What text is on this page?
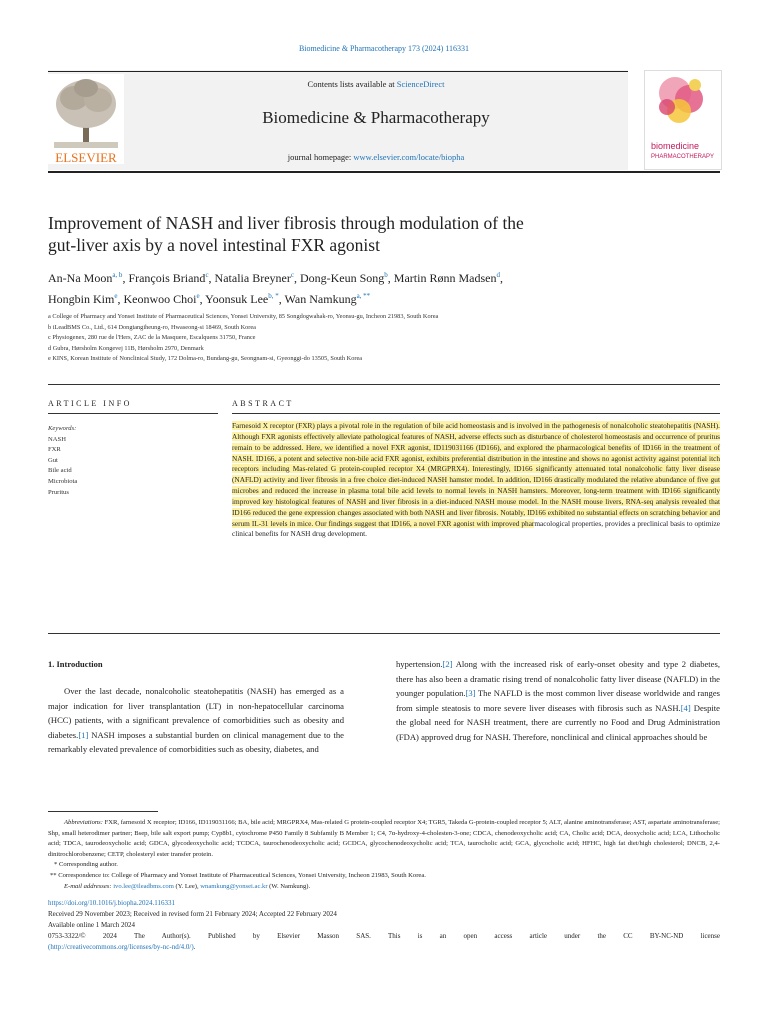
Biomedicine & Pharmacotherapy 173 (2024) 116331
ELSEVIER
Contents lists available at ScienceDirect
Biomedicine & Pharmacotherapy
journal homepage: www.elsevier.com/locate/biopha
biomedicine
PHARMACOTHERAPY
Improvement of NASH and liver fibrosis through modulation of the
gut-liver axis by a novel intestinal FXR agonist
An-Na Moon$^{a, b}$, François Briand$^c$, Natalia Breyner$^c$, Dong-Keun Song$^b$, Martin Rønn Madsen$^d$,
Hongbin Kim$^e$, Keonwoo Choi$^e$, Yoonsuk Lee$^{b, *}$, Wan Namkung$^{a, **}$
a College of Pharmacy and Yonsei Institute of Pharmaceutical Sciences, Yonsei University, 85 Songdogwahak-ro, Yeonsu-gu, Incheon 21983, South Korea
b iLeadBMS Co., Ltd., 614 Dongtangiheung-ro, Hwaseong-si 18469, South Korea
c Physiogenex, 280 rue de l'Hers, ZAC de la Masquere, Escalquens 31750, France
d Gubra, Hørsholm Kongevej 11B, Hørsholm 2970, Denmark
e KINS, Korean Institute of Nonclinical Study, 172 Dolma-ro, Bundang-gu, Seongnam-si, Gyeonggi-do 13505, South Korea
ARTICLE INFO	ABSTRACT
Keywords:
NASH
FXR
Gut
Bile acid
Microbiota
Pruritus
Farnesoid X receptor (FXR) plays a pivotal role in the regulation of bile acid homeostasis and is involved in the pathogenesis of nonalcoholic steatohepatitis (NASH). Although FXR agonists effectively alleviate pathological features of NASH, adverse effects such as disturbance of cholesterol homeostasis and occurrence of pruritus remain to be addressed. Here, we identified a novel FXR agonist, ID119031166 (ID166), and explored the pharmacological benefits of ID166 in the treatment of NASH. ID166, a potent and selective non-bile acid FXR agonist, exhibits preferential distribution in the intestine and shows no agonist activity against potential itch receptors including Mas-related G protein-coupled receptor X4 (MRGPRX4). Interestingly, ID166 significantly attenuated total nonalcoholic fatty liver disease (NAFLD) activity and liver fibrosis in a free choice diet-induced NASH hamster model. In addition, ID166 drastically modulated the relative abundance of five gut microbes and reduced the increase in plasma total bile acid levels to normal levels in NASH hamsters. Moreover, long-term treatment with ID166 significantly improved key histological features of NASH and liver fibrosis in a diet-induced NASH mouse model. In the NASH mouse livers, RNA-seq analysis revealed that ID166 reduced the gene expression changes associated with both NASH and liver fibrosis. Notably, ID166 exhibited no substantial effects on scratching behavior and serum IL-31 levels in mice. Our findings suggest that ID166, a novel FXR agonist with improved pharmacological properties, provides a preclinical basis to optimize clinical benefits for NASH drug development.
1. Introduction
Over the last decade, nonalcoholic steatohepatitis (NASH) has emerged as a major indication for liver transplantation (LT) in non-hepatocellular carcinoma (HCC) patients, with a significant prevalence of comorbidities such as obesity and diabetes.[1] NASH imposes a substantial burden on clinical management due to the remarkably elevated prevalence of comorbidities such as obesity, diabetes, and
hypertension.[2] Along with the increased risk of early-onset obesity and type 2 diabetes, there has also been a dramatic rising trend of nonalcoholic fatty liver disease (NAFLD) in the younger population.[3] The NAFLD is the most common liver disease worldwide and ranges from simple steatosis to more severe liver diseases with fibrosis such as NASH.[4] Despite the global need for NASH treatment, there are currently no Food and Drug Administration (FDA) approved drug for NASH. Therefore, nonclinical and clinical approaches should be
Abbreviations: FXR, farnesoid X receptor; ID166, ID119031166; BA, bile acid; MRGPRX4, Mas-related G protein-coupled receptor X4; TGR5, Takeda G-protein-coupled receptor 5; ALT, alanine aminotransferase; AST, aspartate aminotransferase; Shp, small heterodimer partner; Bsep, bile salt export pump; Cyp8b1, cytochrome P450 Family 8 Subfamily B Member 1; C4, 7α-hydroxy-4-cholesten-3-one; CDCA, chenodeoxycholic acid; CA, Cholic acid; DCA, deoxycholic acid; LCA, Lithocholic acid; TDCA, taurodeoxycholic acid; GDCA, glycodeoxycholic acid; TCDCA, taurochenodeoxycholic acid; GCDCA, glycochenodeoxycholic acid; TCA, taurocholic acid; GCA, glycocholic acid; HFHC, high fat diet/high cholesterol; DNCB, 2,4-dinitrochlorobenzene; CETP, cholesteryl ester transfer protein.
* Corresponding author.
** Correspondence to: College of Pharmacy and Yonsei Institute of Pharmaceutical Sciences, Yonsei University, Incheon 21983, South Korea.
E-mail addresses: ivo.lee@ileadbms.com (Y. Lee), wnamkung@yonsei.ac.kr (W. Namkung).
https://doi.org/10.1016/j.biopha.2024.116331
Received 29 November 2023; Received in revised form 21 February 2024; Accepted 22 February 2024
Available online 1 March 2024
0753-3322/© 2024 The Author(s). Published by Elsevier Masson SAS. This is an open access article under the CC BY-NC-ND license
(http://creativecommons.org/licenses/by-nc-nd/4.0/).
